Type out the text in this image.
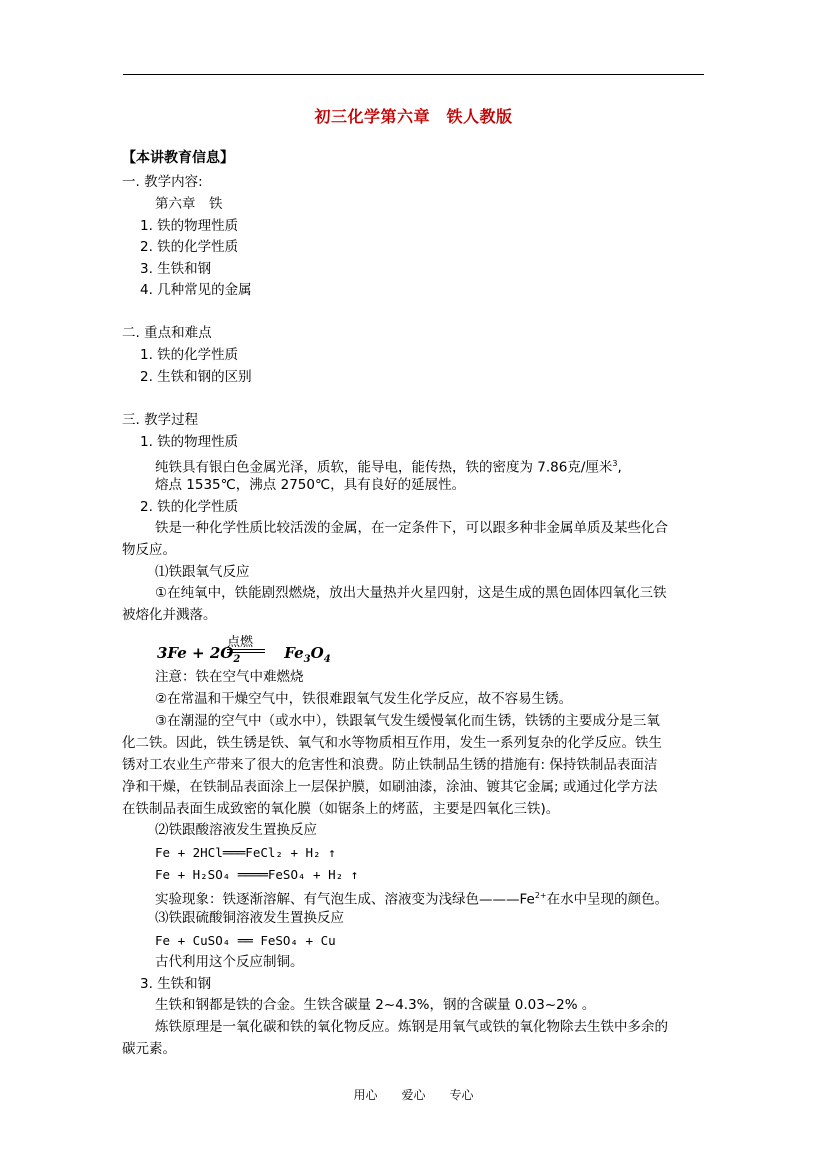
初三化学第六章　铁人教版
【本讲教育信息】
一. 教学内容:
第六章　铁
1. 铁的物理性质
2. 铁的化学性质
3. 生铁和钢
4. 几种常见的金属
二. 重点和难点
1. 铁的化学性质
2. 生铁和钢的区别
三. 教学过程
1. 铁的物理性质
纯铁具有银白色金属光泽，质软，能导电，能传热，铁的密度为 7.86克/厘米$^3$,
熔点 1535℃，沸点 2750℃，具有良好的延展性。
2. 铁的化学性质
铁是一种化学性质比较活泼的金属，在一定条件下，可以跟多种非金属单质及某些化合
物反应。
⑴铁跟氧气反应
①在纯氧中，铁能剧烈燃烧，放出大量热并火星四射，这是生成的黑色固体四氧化三铁
被熔化并溅落。
点燃
$3Fe + 2O_2$	$Fe_3O_4$
注意：铁在空气中难燃烧
②在常温和干燥空气中，铁很难跟氧气发生化学反应，故不容易生锈。
③在潮湿的空气中（或水中），铁跟氧气发生缓慢氧化而生锈，铁锈的主要成分是三氧
化二铁。因此，铁生锈是铁、氧气和水等物质相互作用，发生一系列复杂的化学反应。铁生
锈对工农业生产带来了很大的危害性和浪费。防止铁制品生锈的措施有: 保持铁制品表面洁
净和干燥，在铁制品表面涂上一层保护膜，如刷油漆，涂油、镀其它金属; 或通过化学方法
在铁制品表面生成致密的氧化膜（如锯条上的烤蓝，主要是四氧化三铁)。
⑵铁跟酸溶液发生置换反应
Fe + 2HCl═══FeCl₂ + H₂ ↑
Fe + H₂SO₄ ════FeSO₄ + H₂ ↑
实验现象：铁逐渐溶解、有气泡生成、溶液变为浅绿色$———Fe^{2+}$在水中呈现的颜色。
⑶铁跟硫酸铜溶液发生置换反应
Fe + CuSO₄ ══ FeSO₄ + Cu
古代利用这个反应制铜。
3. 生铁和钢
生铁和钢都是铁的合金。生铁含碳量 2~4.3%，钢的含碳量 0.03~2% 。
炼铁原理是一氧化碳和铁的氧化物反应。炼钢是用氧气或铁的氧化物除去生铁中多余的
碳元素。
用心　　爱心　　专心
